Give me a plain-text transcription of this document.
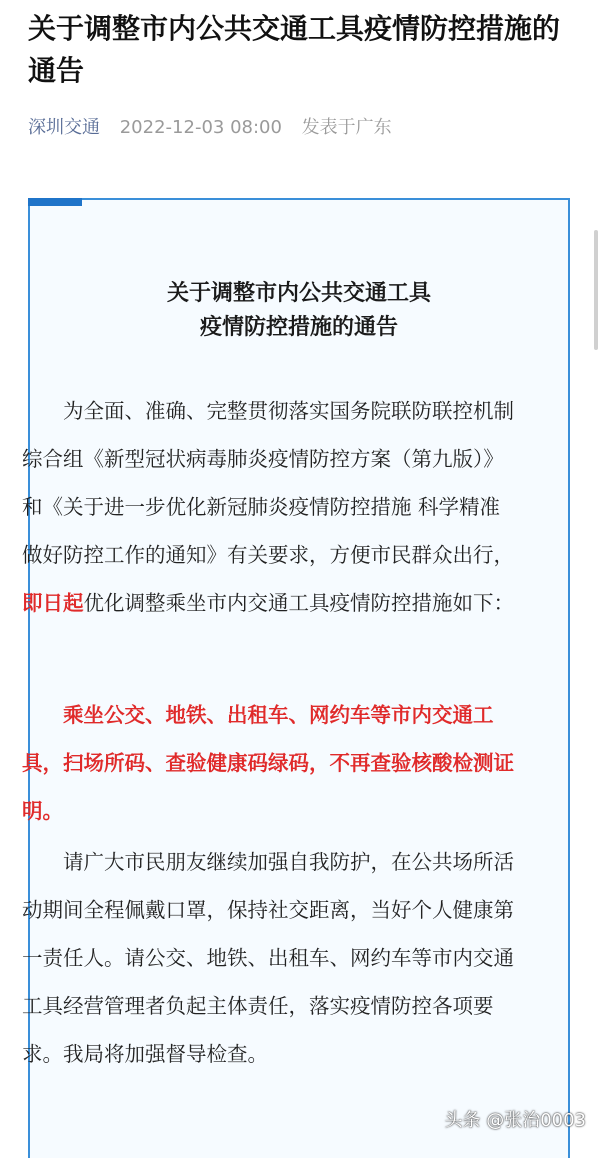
关于调整市内公共交通工具疫情防控措施的通告
深圳交通 2022-12-03 08:00 发表于广东
关于调整市内公共交通工具
疫情防控措施的通告

为全面、准确、完整贯彻落实国务院联防联控机制综合组《新型冠状病毒肺炎疫情防控方案（第九版）》和《关于进一步优化新冠肺炎疫情防控措施 科学精准做好防控工作的通知》有关要求，方便市民群众出行，即日起优化调整乘坐市内交通工具疫情防控措施如下：

乘坐公交、地铁、出租车、网约车等市内交通工具，扫场所码、查验健康码绿码，不再查验核酸检测证明。

请广大市民朋友继续加强自我防护，在公共场所活动期间全程佩戴口罩，保持社交距离，当好个人健康第一责任人。请公交、地铁、出租车、网约车等市内交通工具经营管理者负起主体责任，落实疫情防控各项要求。我局将加强督导检查。

头条 @张治0003
